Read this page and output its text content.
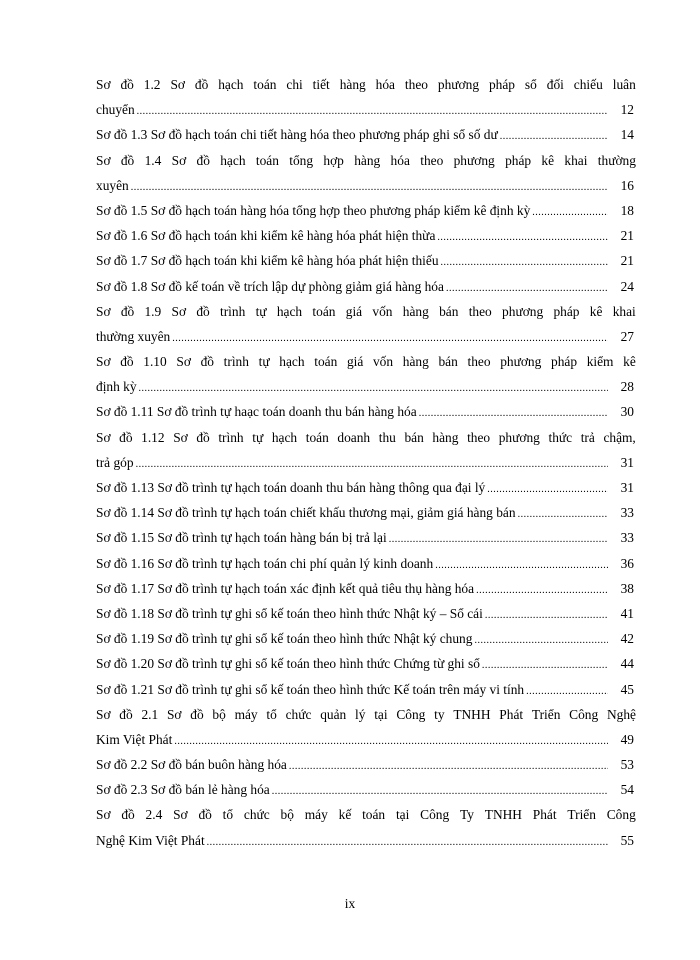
Sơ đồ 1.2 Sơ đồ hạch toán chi tiết hàng hóa theo phương pháp sổ đối chiếu luân
chuyển .....	12
Sơ đồ 1.3 Sơ đồ hạch toán chi tiết hàng hóa theo phương pháp ghi sổ số dư .....	14
Sơ đồ 1.4 Sơ đồ hạch toán tổng hợp hàng hóa theo phương pháp kê khai thường
xuyên .....	16
Sơ đồ 1.5 Sơ đồ hạch toán hàng hóa tổng hợp theo phương pháp kiểm kê định kỳ .....	18
Sơ đồ 1.6 Sơ đồ hạch toán khi kiểm kê hàng hóa phát hiện thừa .....	21
Sơ đồ 1.7 Sơ đồ hạch toán khi kiểm kê hàng hóa phát hiện thiếu .....	21
Sơ đồ 1.8 Sơ đồ kế toán về trích lập dự phòng giảm giá hàng hóa .....	24
Sơ đồ 1.9 Sơ đồ trình tự hạch toán giá vốn hàng bán theo phương pháp kê khai
thường xuyên .....	27
Sơ đồ 1.10 Sơ đồ trình tự hạch toán giá vốn hàng bán theo phương pháp kiểm kê
định kỳ .....	28
Sơ đồ 1.11 Sơ đồ trình tự haạc toán doanh thu bán hàng hóa .....	30
Sơ đồ 1.12 Sơ đồ trình tự hạch toán doanh thu bán hàng theo phương thức trả chậm,
trả góp .....	31
Sơ đồ 1.13 Sơ đồ trình tự hạch toán doanh thu bán hàng thông qua đại lý .....	31
Sơ đồ 1.14 Sơ đồ trình tự hạch toán chiết khấu thương mại, giảm giá hàng bán .....	33
Sơ đồ 1.15 Sơ đồ trình tự hạch toán hàng bán bị trả lại .....	33
Sơ đồ 1.16 Sơ đồ trình tự hạch toán chi phí quản lý kinh doanh .....	36
Sơ đồ 1.17 Sơ đồ trình tự hạch toán xác định kết quả tiêu thụ hàng hóa .....	38
Sơ đồ 1.18 Sơ đồ trình tự ghi sổ kế toán theo hình thức Nhật ký – Sổ cái .....	41
Sơ đồ 1.19 Sơ đồ trình tự ghi sổ kế toán theo hình thức Nhật ký chung .....	42
Sơ đồ 1.20 Sơ đồ trình tự ghi sổ kế toán theo hình thức Chứng từ ghi sổ .....	44
Sơ đồ 1.21 Sơ đồ trình tự ghi sổ kế toán theo hình thức Kế toán trên máy vi tính .....	45
Sơ đồ 2.1 Sơ đồ bộ máy tổ chức quản lý tại Công ty TNHH Phát Triển Công Nghệ
Kim Việt Phát .....	49
Sơ đồ 2.2 Sơ đồ bán buôn hàng hóa .....	53
Sơ đồ 2.3 Sơ đồ bán lẻ hàng hóa .....	54
Sơ đồ 2.4 Sơ đồ tổ chức bộ máy kế toán tại Công Ty TNHH Phát Triển Công
Nghệ Kim Việt Phát .....	55
ix
